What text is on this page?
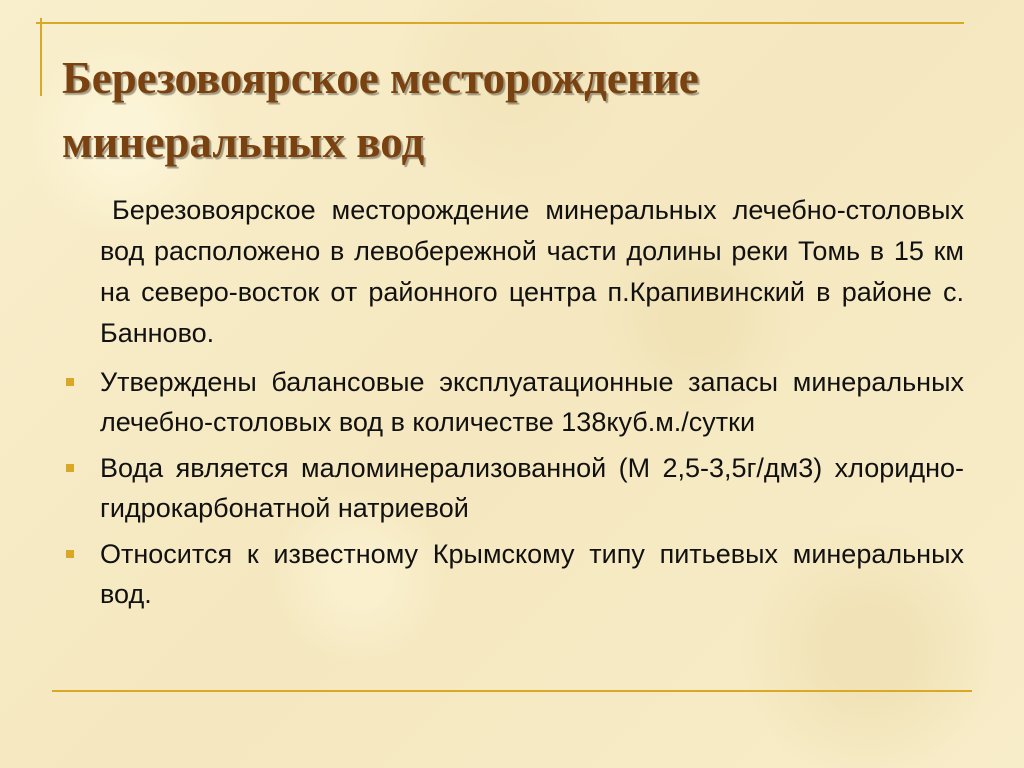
Березовоярское месторождение
минеральных вод

Березовоярское месторождение минеральных лечебно-столовых вод расположено в левобережной части долины реки Томь в 15 км на северо-восток от районного центра п.Крапивинский в районе с. Банново.

Утверждены балансовые эксплуатационные запасы минеральных лечебно-столовых вод в количестве 138куб.м./сутки
Вода является маломинерализованной (М 2,5-3,5г/дм3) хлоридно-гидрокарбонатной натриевой
Относится к известному Крымскому типу питьевых минеральных вод.
